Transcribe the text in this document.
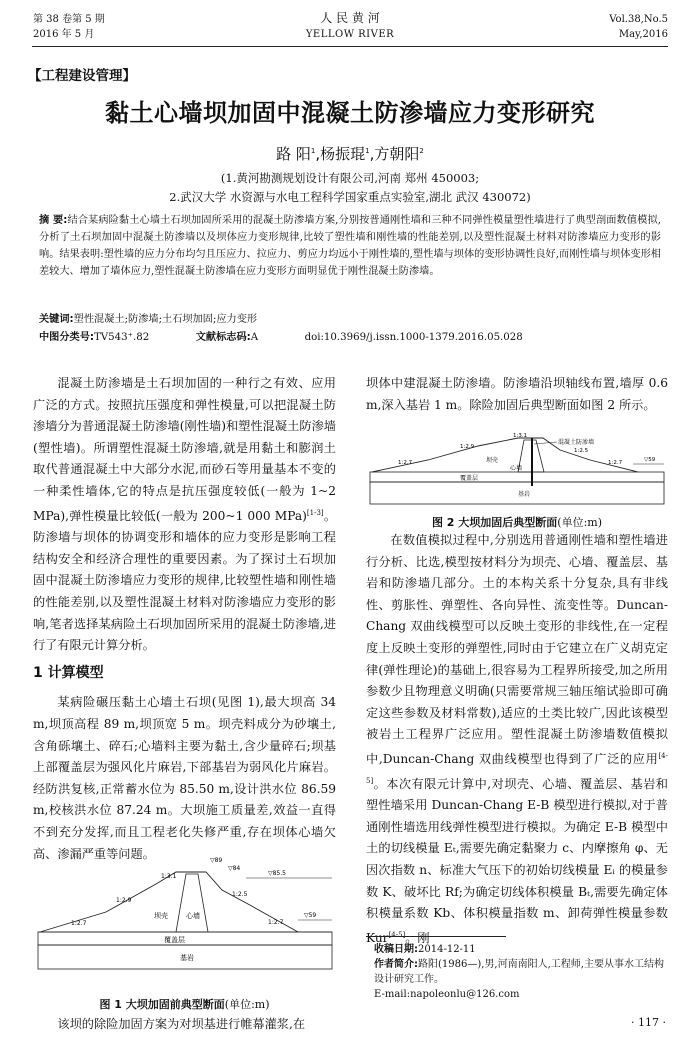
第 38 卷第 5 期
2016 年 5 月
人 民 黄 河
YELLOW RIVER
Vol.38,No.5
May,2016
【工程建设管理】
黏土心墙坝加固中混凝土防渗墙应力变形研究
路 阳$^1$,杨振琨$^1$,方朝阳$^2$
(1.黄河勘测规划设计有限公司,河南 郑州 450003;
2.武汉大学 水资源与水电工程科学国家重点实验室,湖北 武汉 430072)
摘 要:结合某病险黏土心墙土石坝加固所采用的混凝土防渗墙方案,分别按普通刚性墙和三种不同弹性模量塑性墙进行了典型剖面数值模拟,分析了土石坝加固中混凝土防渗墙以及坝体应力变形规律,比较了塑性墙和刚性墙的性能差别,以及塑性混凝土材料对防渗墙应力变形的影响。结果表明:塑性墙的应力分布均匀且压应力、拉应力、剪应力均远小于刚性墙的,塑性墙与坝体的变形协调性良好,而刚性墙与坝体变形相差较大、增加了墙体应力,塑性混凝土防渗墙在应力变形方面明显优于刚性混凝土防渗墙。
关键词:塑性混凝土;防渗墙;土石坝加固;应力变形
中图分类号:TV543⁺.82	文献标志码:A	doi:10.3969/j.issn.1000-1379.2016.05.028

混凝土防渗墙是土石坝加固的一种行之有效、应用广泛的方式。按照抗压强度和弹性模量,可以把混凝土防渗墙分为普通混凝土防渗墙(刚性墙)和塑性混凝土防渗墙(塑性墙)。所谓塑性混凝土防渗墙,就是用黏土和膨润土取代普通混凝土中大部分水泥,而砂石等用量基本不变的一种柔性墙体,它的特点是抗压强度较低(一般为 1~2 MPa),弹性模量比较低(一般为 200~1 000 MPa)[1-3]。防渗墙与坝体的协调变形和墙体的应力变形是影响工程结构安全和经济合理性的重要因素。为了探讨土石坝加固中混凝土防渗墙应力变形的规律,比较塑性墙和刚性墙的性能差别,以及塑性混凝土材料对防渗墙应力变形的影响,笔者选择某病险土石坝加固所采用的混凝土防渗墙,进行了有限元计算分析。

1 计算模型

某病险碾压黏土心墙土石坝(见图 1),最大坝高 34 m,坝顶高程 89 m,坝顶宽 5 m。坝壳料成分为砂壤土,含角砾壤土、碎石;心墙料主要为黏土,含少量碎石;坝基上部覆盖层为强风化片麻岩,下部基岩为弱风化片麻岩。经防洪复核,正常蓄水位为 85.50 m,设计洪水位 86.59 m,校核洪水位 87.24 m。大坝施工质量差,效益一直得不到充分发挥,而且工程老化失修严重,存在坝体心墙欠高、渗漏严重等问题。	▽89
▽84
▽85.5
▽59
1:3.1
1:2.9
1:2.7
1:2.5
1:2.7
坝壳	心墙
覆盖层
基岩
图 1 大坝加固前典型断面(单位:m)

该坝的除险加固方案为对坝基进行帷幕灌浆,在

坝体中建混凝土防渗墙。防渗墙沿坝轴线布置,墙厚 0.6 m,深入基岩 1 m。除险加固后典型断面如图 2 所示。

1:3.1
1:2.9
1:2.7
1:2.5
1:2.7
坝壳
心墙
混凝土防渗墙
覆盖层
基岩
▽59
图 2 大坝加固后典型断面(单位:m)

在数值模拟过程中,分别选用普通刚性墙和塑性墙进行分析、比选,模型按材料分为坝壳、心墙、覆盖层、基岩和防渗墙几部分。土的本构关系十分复杂,具有非线性、剪胀性、弹塑性、各向异性、流变性等。Duncan-Chang 双曲线模型可以反映土变形的非线性,在一定程度上反映土变形的弹塑性,同时由于它建立在广义胡克定律(弹性理论)的基础上,很容易为工程界所接受,加之所用参数少且物理意义明确(只需要常规三轴压缩试验即可确定这些参数及材料常数),适应的土类比较广,因此该模型被岩土工程界广泛应用。塑性混凝土防渗墙数值模拟中,Duncan-Chang 双曲线模型也得到了广泛的应用[4-5]。本次有限元计算中,对坝壳、心墙、覆盖层、基岩和塑性墙采用 Duncan-Chang E-B 模型进行模拟,对于普通刚性墙选用线弹性模型进行模拟。为确定 E-B 模型中土的切线模量 Eₜ,需要先确定黏聚力 c、内摩擦角 φ、无因次指数 n、标准大气压下的初始切线模量 Eᵢ 的模量参数 K、破坏比 Rf;为确定切线体积模量 Bₜ,需要先确定体积模量系数 Kb、体积模量指数 m、卸荷弹性模量参数 Kur[4-5]。刚

收稿日期:2014-12-11
作者简介:路阳(1986—),男,河南南阳人,工程师,主要从事水工结构设计研究工作。
E-mail:napoleonlu@126.com
· 117 ·
